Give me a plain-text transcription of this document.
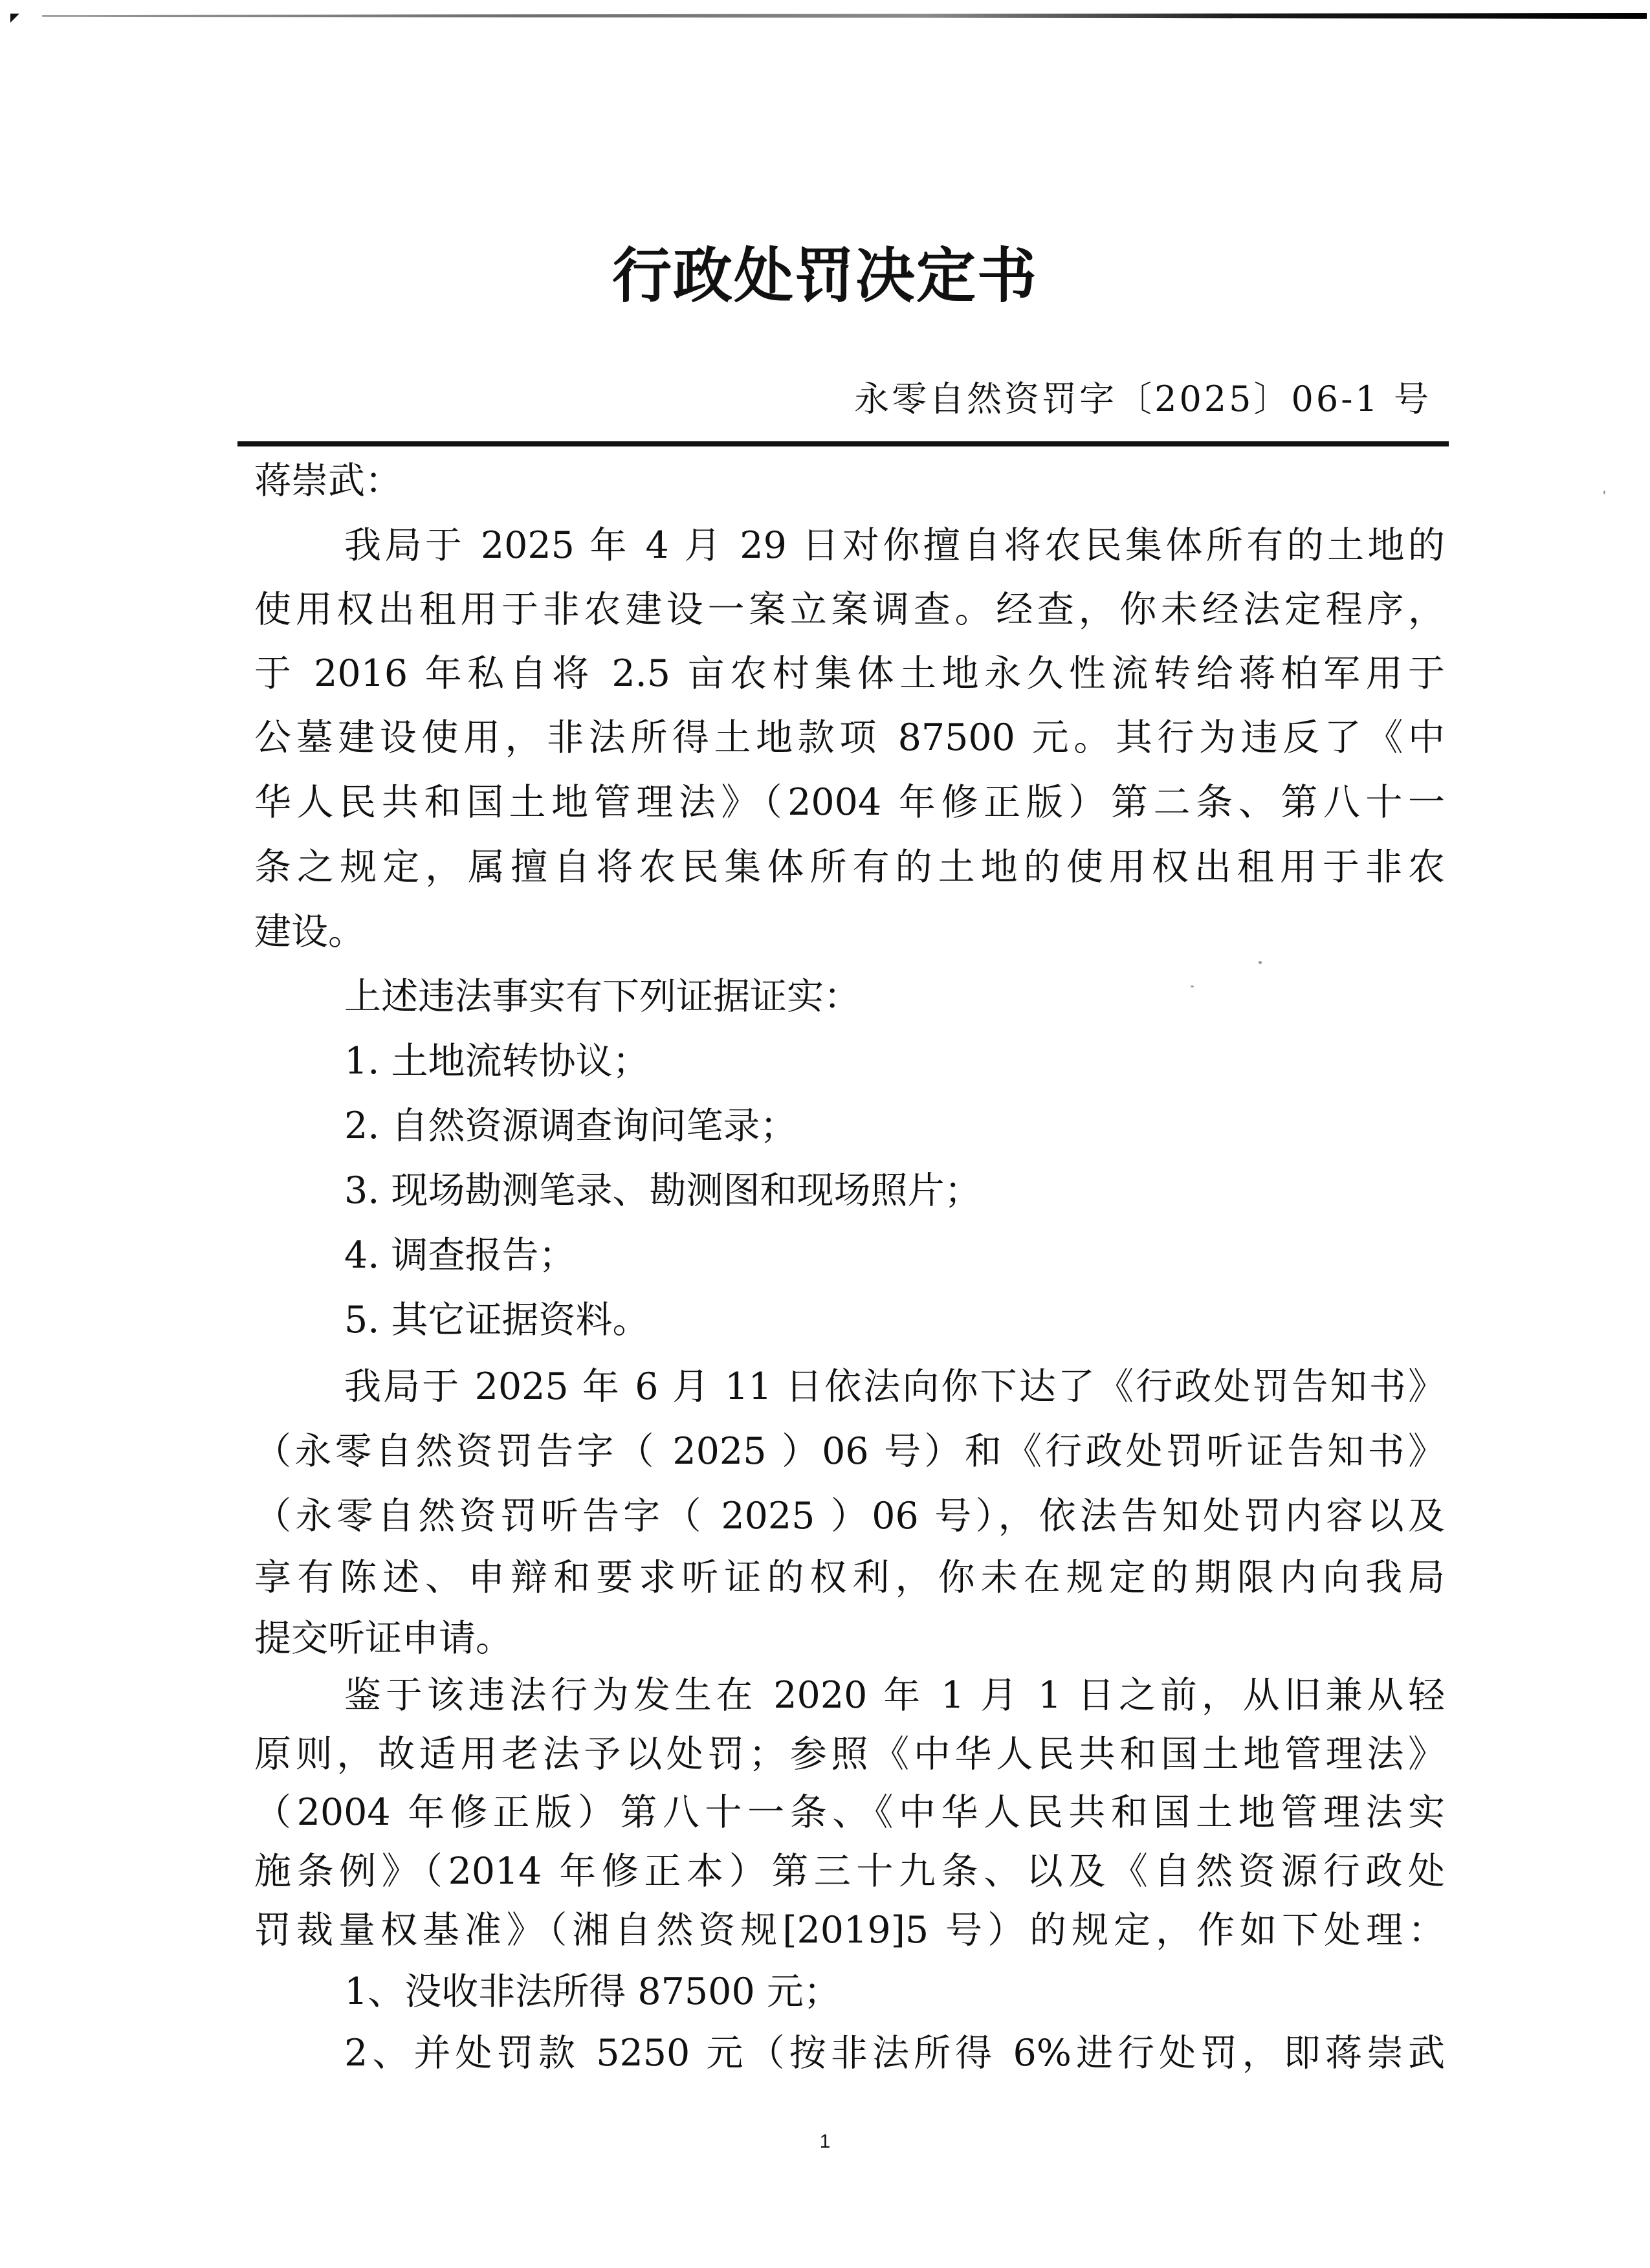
行政处罚决定书
永零自然资罚字〔2025〕06-1 号
蒋崇武：
我局于 2025 年 4 月 29 日对你擅自将农民集体所有的土地的
使用权出租用于非农建设一案立案调查。经查，你未经法定程序，
于 2016 年私自将 2.5 亩农村集体土地永久性流转给蒋柏军用于
公墓建设使用，非法所得土地款项 87500 元。其行为违反了《中
华人民共和国土地管理法》（2004 年修正版）第二条、第八十一
条之规定，属擅自将农民集体所有的土地的使用权出租用于非农
建设。
上述违法事实有下列证据证实：
1. 土地流转协议；
2. 自然资源调查询问笔录；
3. 现场勘测笔录、勘测图和现场照片；
4. 调查报告；
5. 其它证据资料。
我局于 2025 年 6 月 11 日依法向你下达了《行政处罚告知书》
（永零自然资罚告字（ 2025 ）06 号）和《行政处罚听证告知书》
（永零自然资罚听告字（ 2025 ）06 号），依法告知处罚内容以及
享有陈述、申辩和要求听证的权利，你未在规定的期限内向我局
提交听证申请。
鉴于该违法行为发生在 2020 年 1 月 1 日之前，从旧兼从轻
原则，故适用老法予以处罚；参照《中华人民共和国土地管理法》
（2004 年修正版）第八十一条、《中华人民共和国土地管理法实
施条例》（2014 年修正本）第三十九条、以及《自然资源行政处
罚裁量权基准》（湘自然资规[2019]5 号）的规定，作如下处理：
1、没收非法所得 87500 元；
2、并处罚款 5250 元（按非法所得 6%进行处罚，即蒋崇武
1
